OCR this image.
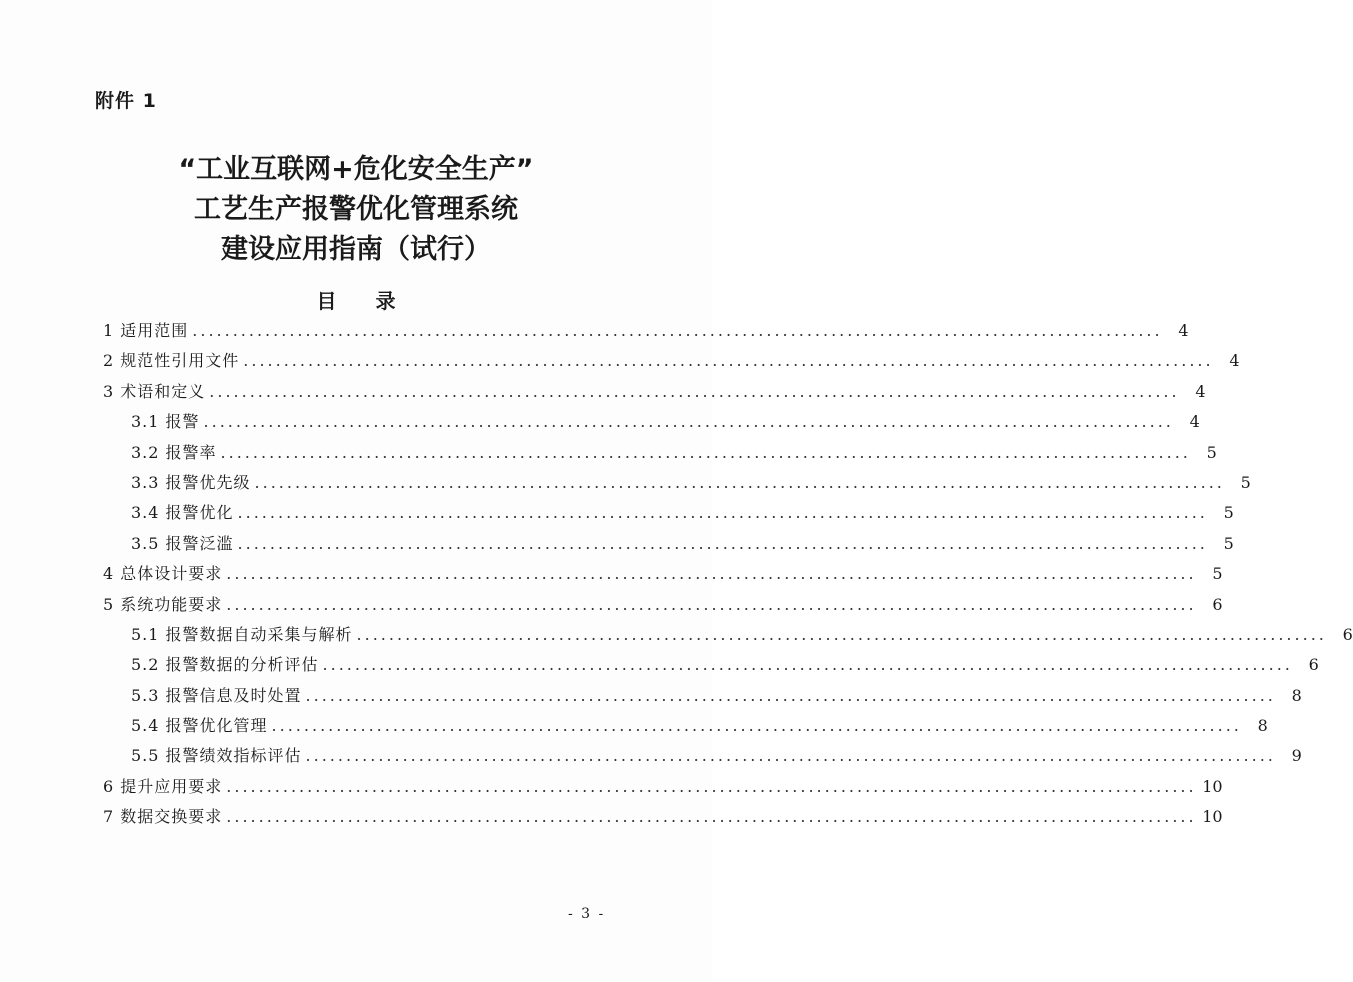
附件 1
“工业互联网+危化安全生产”
工艺生产报警优化管理系统
建设应用指南（试行）
目 录
1 适用范围 ........................................................................................................................ 4
2 规范性引用文件 ........................................................................................................................ 4
3 术语和定义 ........................................................................................................................ 4
3.1 报警 ........................................................................................................................ 4
3.2 报警率 ........................................................................................................................ 5
3.3 报警优先级 ........................................................................................................................ 5
3.4 报警优化 ........................................................................................................................ 5
3.5 报警泛滥 ........................................................................................................................ 5
4 总体设计要求 ........................................................................................................................ 5
5 系统功能要求 ........................................................................................................................ 6
5.1 报警数据自动采集与解析 ........................................................................................................................ 6
5.2 报警数据的分析评估 ........................................................................................................................ 6
5.3 报警信息及时处置 ........................................................................................................................ 8
5.4 报警优化管理 ........................................................................................................................ 8
5.5 报警绩效指标评估 ........................................................................................................................ 9
6 提升应用要求 ........................................................................................................................ 10
7 数据交换要求 ........................................................................................................................ 10
- 3 -
